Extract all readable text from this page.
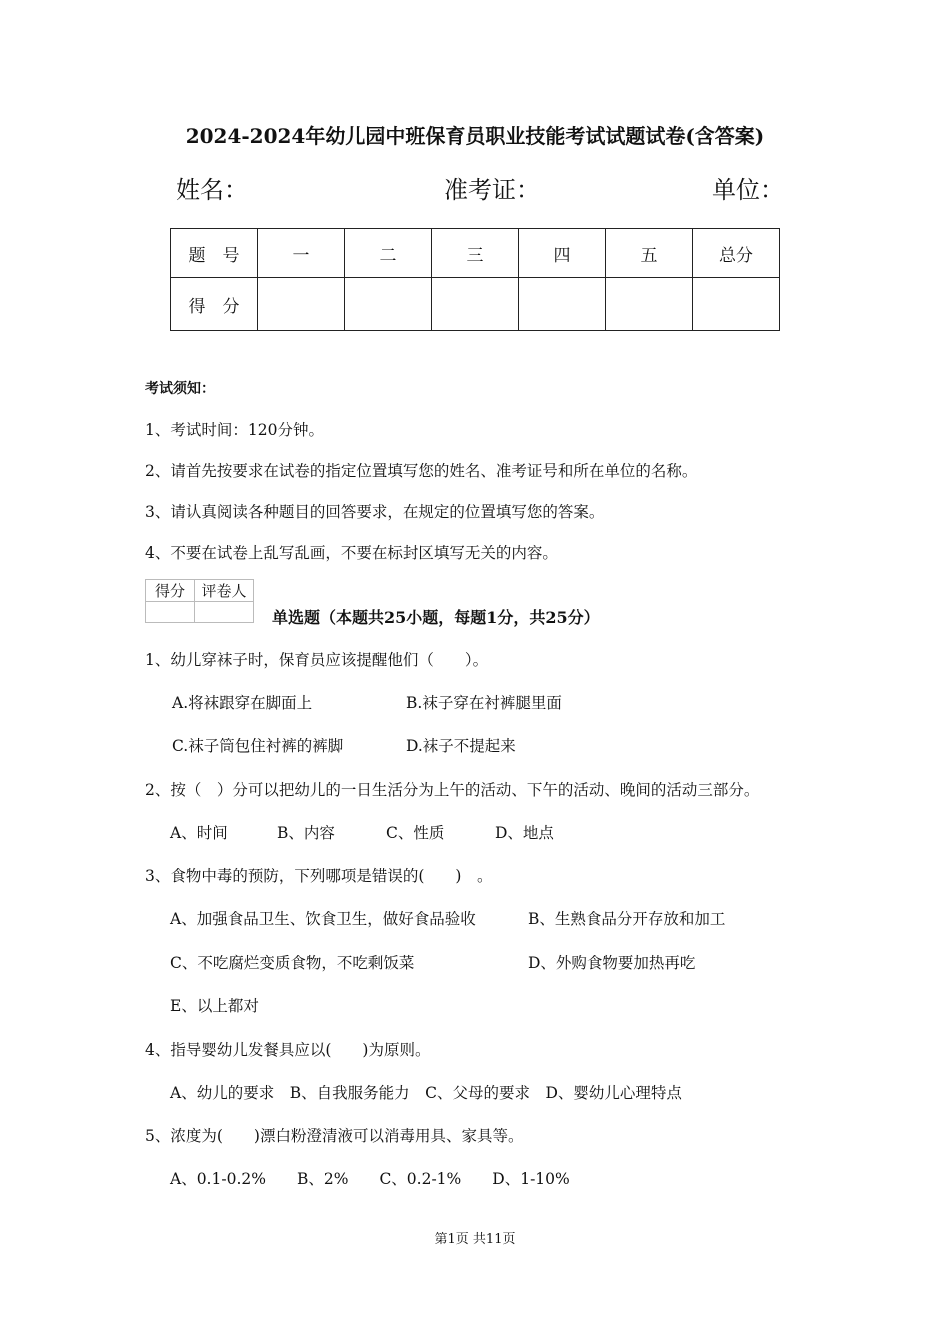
2024-2024年幼儿园中班保育员职业技能考试试题试卷(含答案)
姓名：	准考证：	单位：
题　号	一	二	三	四	五	总分
得　分						
考试须知：
1、考试时间：120分钟。
2、请首先按要求在试卷的指定位置填写您的姓名、准考证号和所在单位的名称。
3、请认真阅读各种题目的回答要求，在规定的位置填写您的答案。
4、不要在试卷上乱写乱画，不要在标封区填写无关的内容。
得分	评卷人

单选题（本题共25小题，每题1分，共25分）
1、幼儿穿袜子时，保育员应该提醒他们（　　）。
A.将袜跟穿在脚面上	B.袜子穿在衬裤腿里面
C.袜子筒包住衬裤的裤脚	D.袜子不提起来
2、按（　）分可以把幼儿的一日生活分为上午的活动、下午的活动、晚间的活动三部分。
A、时间	B、内容	C、性质	D、地点
3、食物中毒的预防，下列哪项是错误的(　　)　。
A、加强食品卫生、饮食卫生，做好食品验收	B、生熟食品分开存放和加工
C、不吃腐烂变质食物，不吃剩饭菜	D、外购食物要加热再吃
E、以上都对
4、指导婴幼儿发餐具应以(　　)为原则。
A、幼儿的要求　B、自我服务能力　C、父母的要求　D、婴幼儿心理特点
5、浓度为(　　)漂白粉澄清液可以消毒用具、家具等。
A、0.1-0.2%　　B、2%　　C、0.2-1%　　D、1-10%
第1页 共11页
